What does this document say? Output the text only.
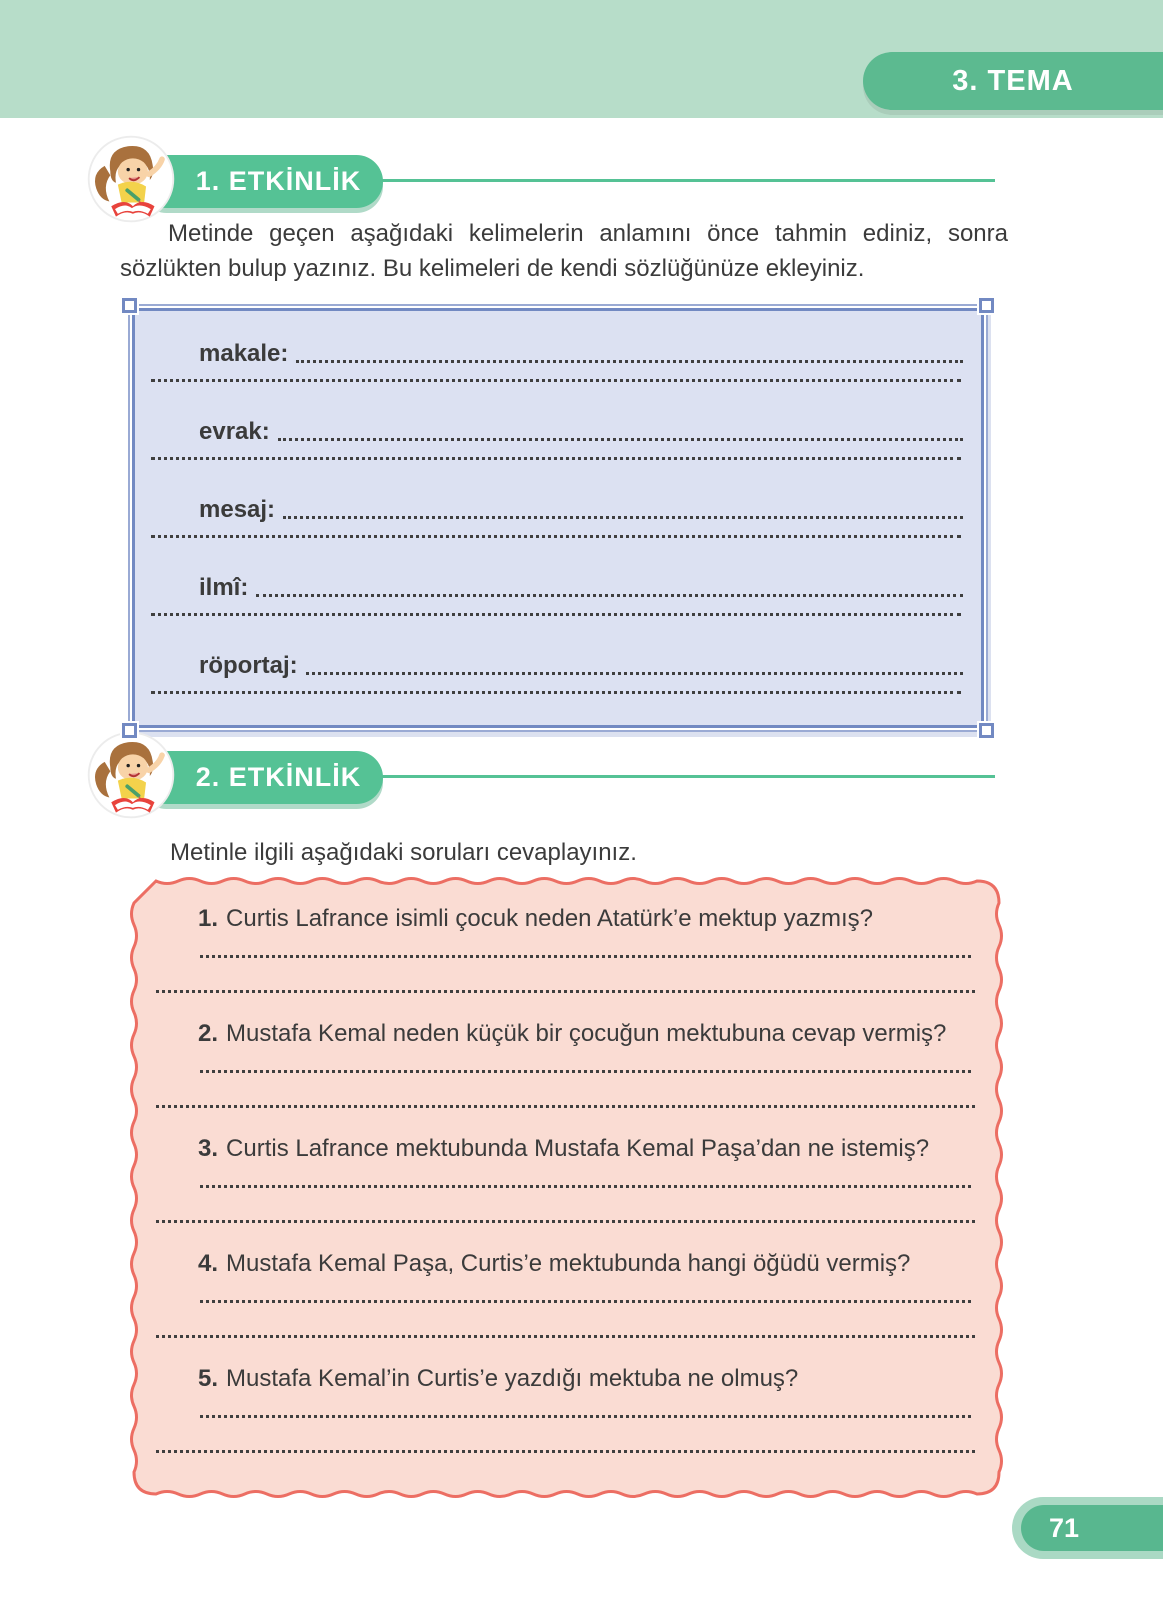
3. TEMA
1. ETKİNLİK

Metinde geçen aşağıdaki kelimelerin anlamını önce tahmin ediniz, sonra sözlükten bulup yazınız. Bu kelimeleri de kendi sözlüğünüze ekleyiniz.

makale:
evrak:
mesaj:
ilmî:
röportaj:
2. ETKİNLİK

Metinle ilgili aşağıdaki soruları cevaplayınız.

1. Curtis Lafrance isimli çocuk neden Atatürk’e mektup yazmış?
2. Mustafa Kemal neden küçük bir çocuğun mektubuna cevap vermiş?
3. Curtis Lafrance mektubunda Mustafa Kemal Paşa’dan ne istemiş?
4. Mustafa Kemal Paşa, Curtis’e mektubunda hangi öğüdü vermiş?
5. Mustafa Kemal’in Curtis’e yazdığı mektuba ne olmuş?
71
